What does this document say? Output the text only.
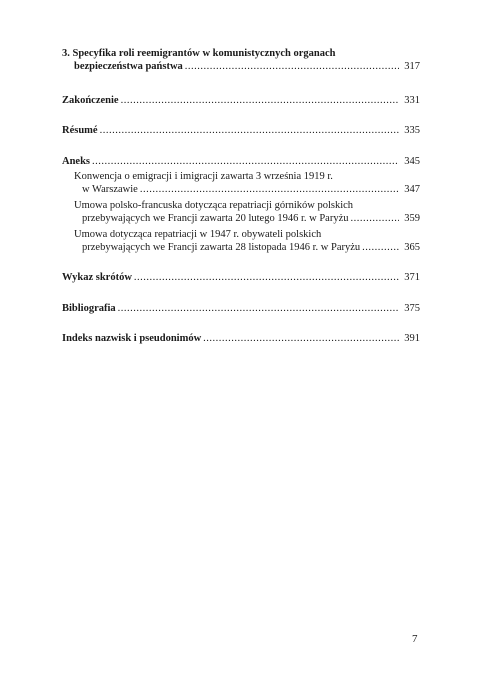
3. Specyfika roli reemigrantów w komunistycznych organach
bezpieczeństwa państwa .....	317
Zakończenie .....	331
Résumé .....	335
Aneks .....	345
Konwencja o emigracji i imigracji zawarta 3 września 1919 r.
w Warszawie .....	347
Umowa polsko-francuska dotycząca repatriacji górników polskich
przebywających we Francji zawarta 20 lutego 1946 r. w Paryżu .....	359
Umowa dotycząca repatriacji w 1947 r. obywateli polskich
przebywających we Francji zawarta 28 listopada 1946 r. w Paryżu .....	365
Wykaz skrótów .....	371
Bibliografia .....	375
Indeks nazwisk i pseudonimów .....	391
7
